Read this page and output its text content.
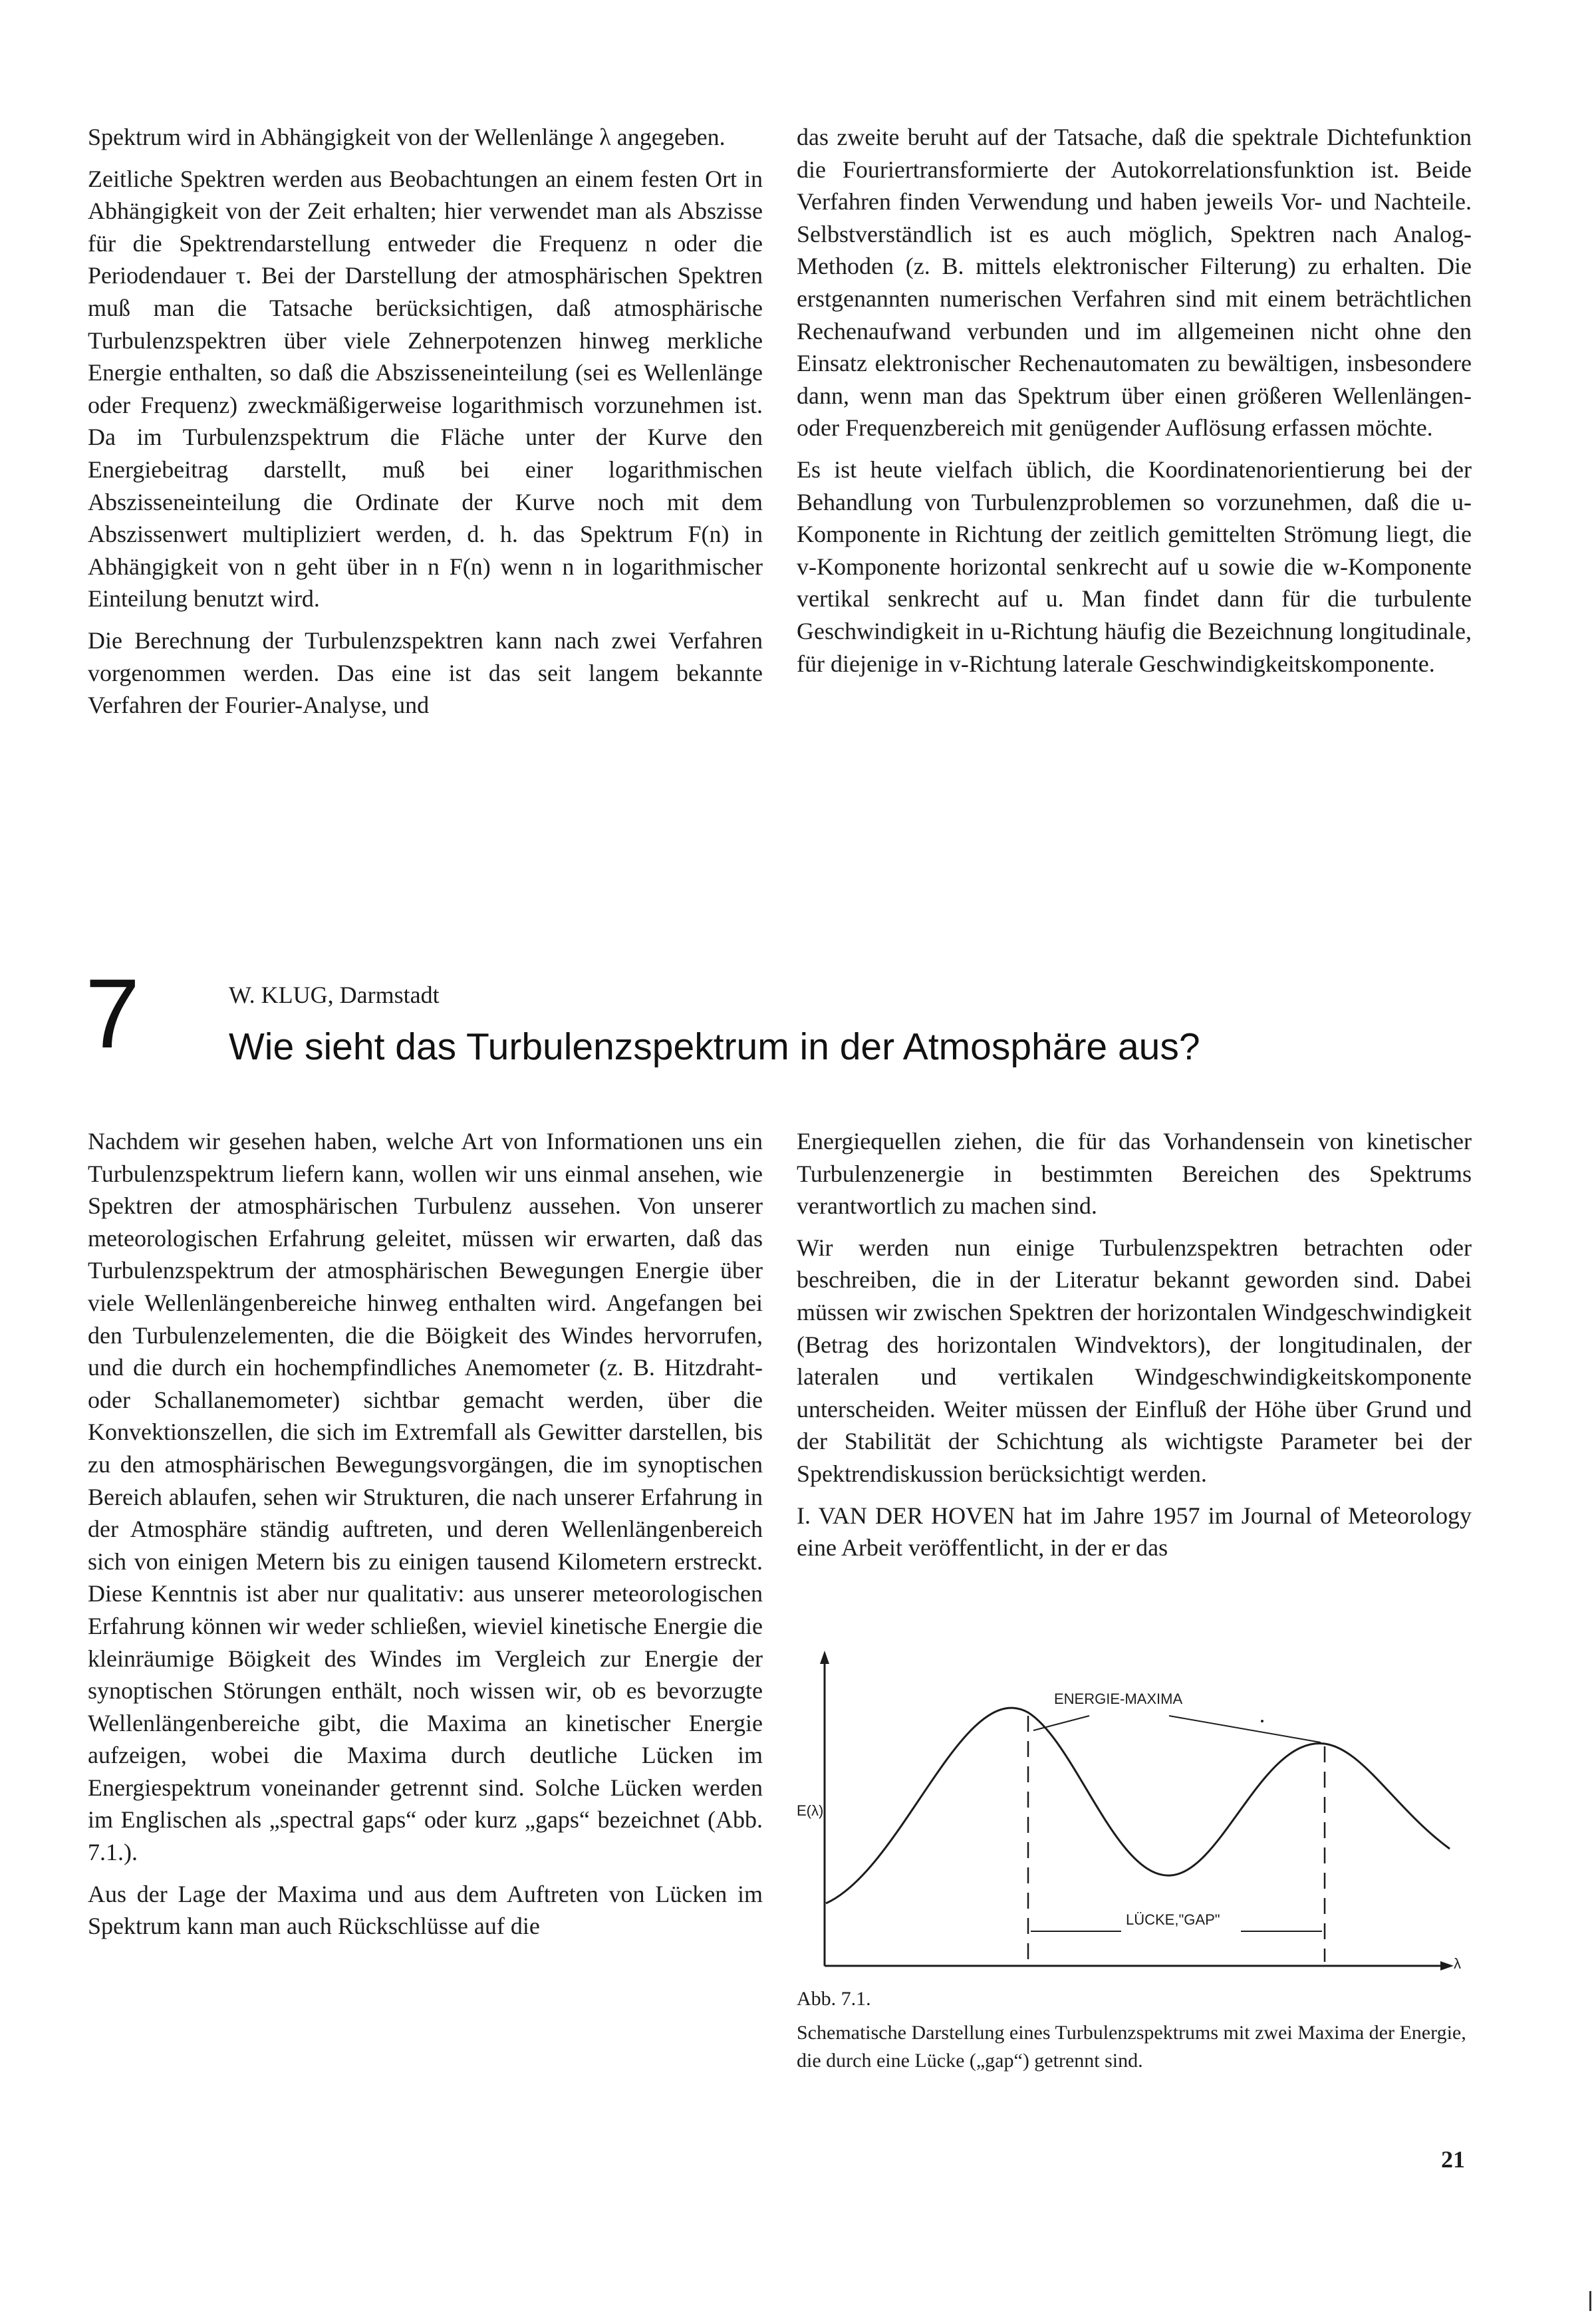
Spektrum wird in Abhängigkeit von der Wellenlänge λ angegeben.

Zeitliche Spektren werden aus Beobachtungen an einem festen Ort in Abhängigkeit von der Zeit erhalten; hier verwendet man als Abszisse für die Spektrendarstellung entweder die Frequenz n oder die Periodendauer τ. Bei der Darstellung der atmosphärischen Spektren muß man die Tatsache berücksichtigen, daß atmosphärische Turbulenzspektren über viele Zehnerpotenzen hinweg merkliche Energie enthalten, so daß die Abszisseneinteilung (sei es Wellenlänge oder Frequenz) zweckmäßigerweise logarithmisch vorzunehmen ist. Da im Turbulenzspektrum die Fläche unter der Kurve den Energiebeitrag darstellt, muß bei einer logarithmischen Abszisseneinteilung die Ordinate der Kurve noch mit dem Abszissenwert multipliziert werden, d. h. das Spektrum F(n) in Abhängigkeit von n geht über in n F(n) wenn n in logarithmischer Einteilung benutzt wird.

Die Berechnung der Turbulenzspektren kann nach zwei Verfahren vorgenommen werden. Das eine ist das seit langem bekannte Verfahren der Fourier-Analyse, und

das zweite beruht auf der Tatsache, daß die spektrale Dichtefunktion die Fouriertransformierte der Autokorrelationsfunktion ist. Beide Verfahren finden Verwendung und haben jeweils Vor- und Nachteile. Selbstverständlich ist es auch möglich, Spektren nach Analog-Methoden (z. B. mittels elektronischer Filterung) zu erhalten. Die erstgenannten numerischen Verfahren sind mit einem beträchtlichen Rechenaufwand verbunden und im allgemeinen nicht ohne den Einsatz elektronischer Rechenautomaten zu bewältigen, insbesondere dann, wenn man das Spektrum über einen größeren Wellenlängen- oder Frequenzbereich mit genügender Auflösung erfassen möchte.

Es ist heute vielfach üblich, die Koordinatenorientierung bei der Behandlung von Turbulenzproblemen so vorzunehmen, daß die u-Komponente in Richtung der zeitlich gemittelten Strömung liegt, die v-Komponente horizontal senkrecht auf u sowie die w-Komponente vertikal senkrecht auf u. Man findet dann für die turbulente Geschwindigkeit in u-Richtung häufig die Bezeichnung longitudinale, für diejenige in v-Richtung laterale Geschwindigkeitskomponente.

7	W. KLUG, Darmstadt
Wie sieht das Turbulenzspektrum in der Atmosphäre aus?

Nachdem wir gesehen haben, welche Art von Informationen uns ein Turbulenzspektrum liefern kann, wollen wir uns einmal ansehen, wie Spektren der atmosphärischen Turbulenz aussehen. Von unserer meteorologischen Erfahrung geleitet, müssen wir erwarten, daß das Turbulenzspektrum der atmosphärischen Bewegungen Energie über viele Wellenlängenbereiche hinweg enthalten wird. Angefangen bei den Turbulenzelementen, die die Böigkeit des Windes hervorrufen, und die durch ein hochempfindliches Anemometer (z. B. Hitzdraht- oder Schallanemometer) sichtbar gemacht werden, über die Konvektionszellen, die sich im Extremfall als Gewitter darstellen, bis zu den atmosphärischen Bewegungsvorgängen, die im synoptischen Bereich ablaufen, sehen wir Strukturen, die nach unserer Erfahrung in der Atmosphäre ständig auftreten, und deren Wellenlängenbereich sich von einigen Metern bis zu einigen tausend Kilometern erstreckt. Diese Kenntnis ist aber nur qualitativ: aus unserer meteorologischen Erfahrung können wir weder schließen, wieviel kinetische Energie die kleinräumige Böigkeit des Windes im Vergleich zur Energie der synoptischen Störungen enthält, noch wissen wir, ob es bevorzugte Wellenlängenbereiche gibt, die Maxima an kinetischer Energie aufzeigen, wobei die Maxima durch deutliche Lücken im Energiespektrum voneinander getrennt sind. Solche Lücken werden im Englischen als „spectral gaps“ oder kurz „gaps“ bezeichnet (Abb. 7.1.).

Aus der Lage der Maxima und aus dem Auftreten von Lücken im Spektrum kann man auch Rückschlüsse auf die

Energiequellen ziehen, die für das Vorhandensein von kinetischer Turbulenzenergie in bestimmten Bereichen des Spektrums verantwortlich zu machen sind.

Wir werden nun einige Turbulenzspektren betrachten oder beschreiben, die in der Literatur bekannt geworden sind. Dabei müssen wir zwischen Spektren der horizontalen Windgeschwindigkeit (Betrag des horizontalen Windvektors), der longitudinalen, der lateralen und vertikalen Windgeschwindigkeitskomponente unterscheiden. Weiter müssen der Einfluß der Höhe über Grund und der Stabilität der Schichtung als wichtigste Parameter bei der Spektrendiskussion berücksichtigt werden.

I. VAN DER HOVEN hat im Jahre 1957 im Journal of Meteorology eine Arbeit veröffentlicht, in der er das

ENERGIE-MAXIMA
LÜCKE,"GAP"
E(λ)
λ
Abb. 7.1.
Schematische Darstellung eines Turbulenzspektrums mit zwei Maxima der Energie, die durch eine Lücke („gap“) getrennt sind.
21
